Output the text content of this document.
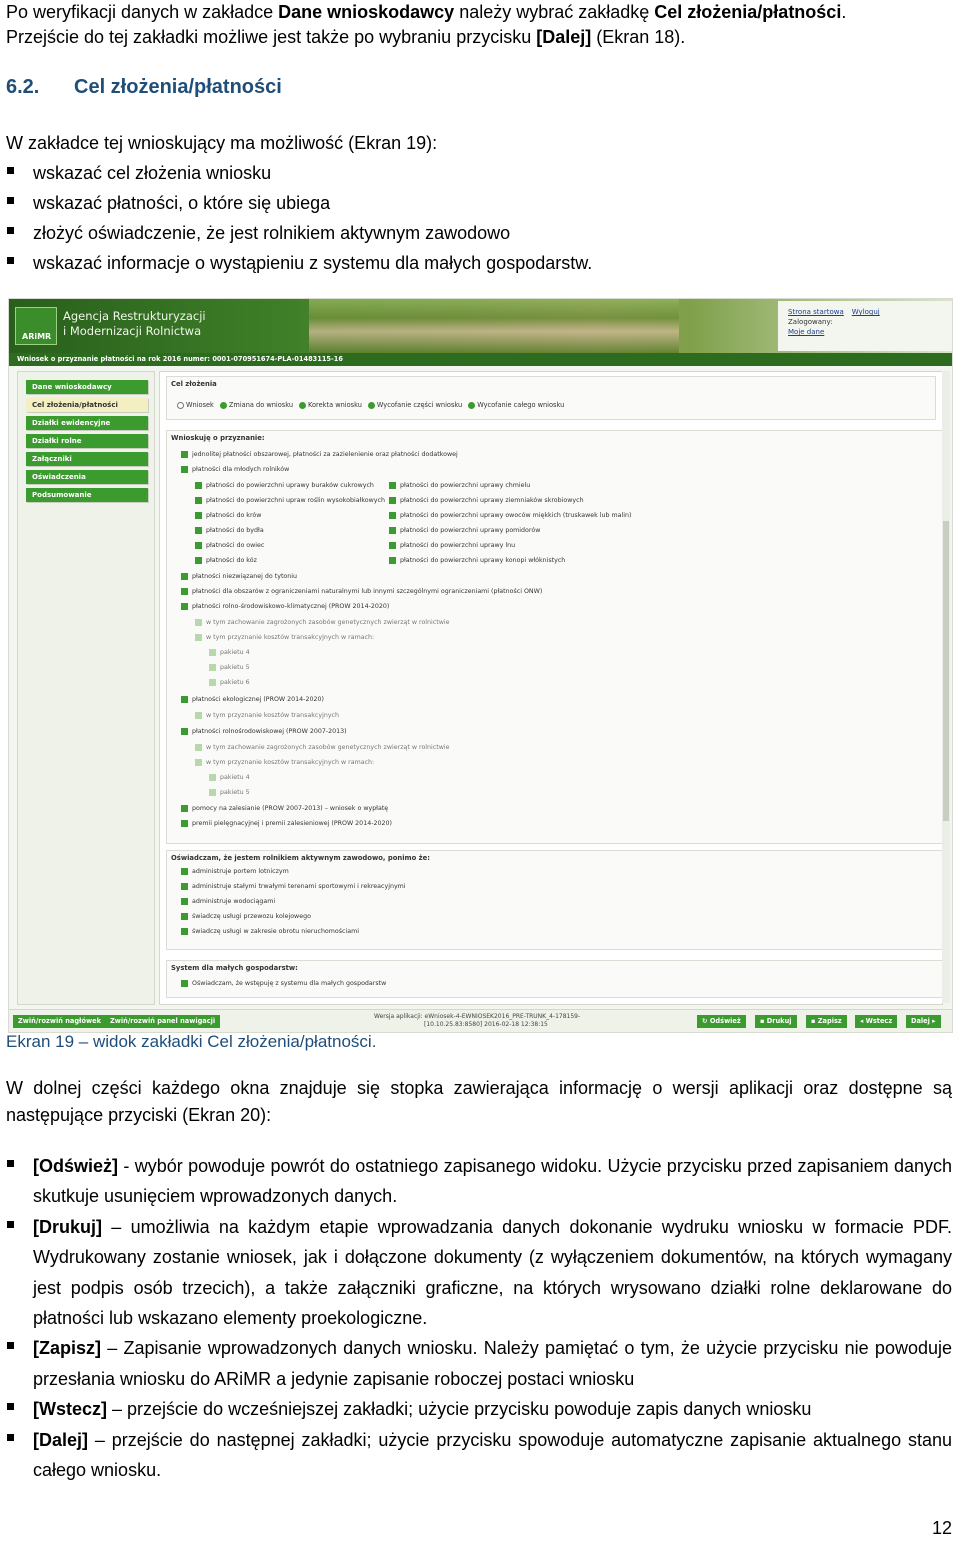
Po weryfikacji danych w zakładce Dane wnioskodawcy należy wybrać zakładkę Cel złożenia/płatności.
Przejście do tej zakładki możliwe jest także po wybraniu przycisku [Dalej] (Ekran 18).

6.2. Cel złożenia/płatności

W zakładce tej wnioskujący ma możliwość (Ekran 19):

wskazać cel złożenia wniosku
wskazać płatności, o które się ubiega
złożyć oświadczenie, że jest rolnikiem aktywnym zawodowo
wskazać informacje o wystąpieniu z systemu dla małych gospodarstw.
ARiMR
Agencja Restrukturyzacji
i Modernizacji Rolnictwa
Strona startowa Wyloguj
Zalogowany:
Moje dane
Wniosek o przyznanie płatności na rok 2016 numer: 0001-070951674-PLA-01483115-16
Dane wnioskodawcy
Cel złożenia/płatności
Działki ewidencyjne
Działki rolne
Załączniki
Oświadczenia
Podsumowanie
Cel złożenia
Wniosek Zmiana do wniosku Korekta wniosku Wycofanie części wniosku Wycofanie całego wniosku
Wnioskuję o przyznanie:
jednolitej płatności obszarowej, płatności za zazielenienie oraz płatności dodatkowej
płatności dla młodych rolników
płatności do powierzchni uprawy buraków cukrowych
płatności do powierzchni upraw roślin wysokobiałkowych
płatności do krów
płatności do bydła
płatności do owiec
płatności do kóz
płatności do powierzchni uprawy chmielu
płatności do powierzchni uprawy ziemniaków skrobiowych
płatności do powierzchni uprawy owoców miękkich (truskawek lub malin)
płatności do powierzchni uprawy pomidorów
płatności do powierzchni uprawy lnu
płatności do powierzchni uprawy konopi włóknistych
płatności niezwiązanej do tytoniu
płatności dla obszarów z ograniczeniami naturalnymi lub innymi szczególnymi ograniczeniami (płatności ONW)
płatności rolno-środowiskowo-klimatycznej (PROW 2014-2020)
w tym zachowanie zagrożonych zasobów genetycznych zwierząt w rolnictwie
w tym przyznanie kosztów transakcyjnych w ramach:
pakietu 4
pakietu 5
pakietu 6
płatności ekologicznej (PROW 2014-2020)
w tym przyznanie kosztów transakcyjnych
płatności rolnośrodowiskowej (PROW 2007-2013)
w tym zachowanie zagrożonych zasobów genetycznych zwierząt w rolnictwie
w tym przyznanie kosztów transakcyjnych w ramach:
pakietu 4
pakietu 5
pomocy na zalesianie (PROW 2007-2013) – wniosek o wypłatę
premii pielęgnacyjnej i premii zalesieniowej (PROW 2014-2020)
Oświadczam, że jestem rolnikiem aktywnym zawodowo, ponimo że:
administruje portem lotniczym
administruje stałymi trwałymi terenami sportowymi i rekreacyjnymi
administruje wodociągami
świadczę usługi przewozu kolejowego
świadczę usługi w zakresie obrotu nieruchomościami
System dla małych gospodarstw:
Oświadczam, że wstępuję z systemu dla małych gospodarstw
Zwiń/rozwiń nagłówek	Zwiń/rozwiń panel nawigacji
Wersja aplikacji: eWniosek-4-EWNIOSEK2016_PRE-TRUNK_4-178159-
[10.10.25.83:8580] 2016-02-18 12:38:15	↻ Odśwież	▪ Drukuj	▪ Zapisz	◂ Wstecz	Dalej ▸
Ekran 19 – widok zakładki Cel złożenia/płatności.

W dolnej części każdego okna znajduje się stopka zawierająca informację o wersji aplikacji oraz dostępne są następujące przyciski (Ekran 20):

[Odśwież] - wybór powoduje powrót do ostatniego zapisanego widoku. Użycie przycisku przed zapisaniem danych skutkuje usunięciem wprowadzonych danych.
[Drukuj] – umożliwia na każdym etapie wprowadzania danych dokonanie wydruku wniosku w formacie PDF. Wydrukowany zostanie wniosek, jak i dołączone dokumenty (z wyłączeniem dokumentów, na których wymagany jest podpis osób trzecich), a także załączniki graficzne, na których wrysowano działki rolne deklarowane do płatności lub wskazano elementy proekologiczne.
[Zapisz] – Zapisanie wprowadzonych danych wniosku. Należy pamiętać o tym, że użycie przycisku nie powoduje przesłania wniosku do ARiMR a jedynie zapisanie roboczej postaci wniosku
[Wstecz] – przejście do wcześniejszej zakładki; użycie przycisku powoduje zapis danych wniosku
[Dalej] – przejście do następnej zakładki; użycie przycisku spowoduje automatyczne zapisanie aktualnego stanu całego wniosku.
12
